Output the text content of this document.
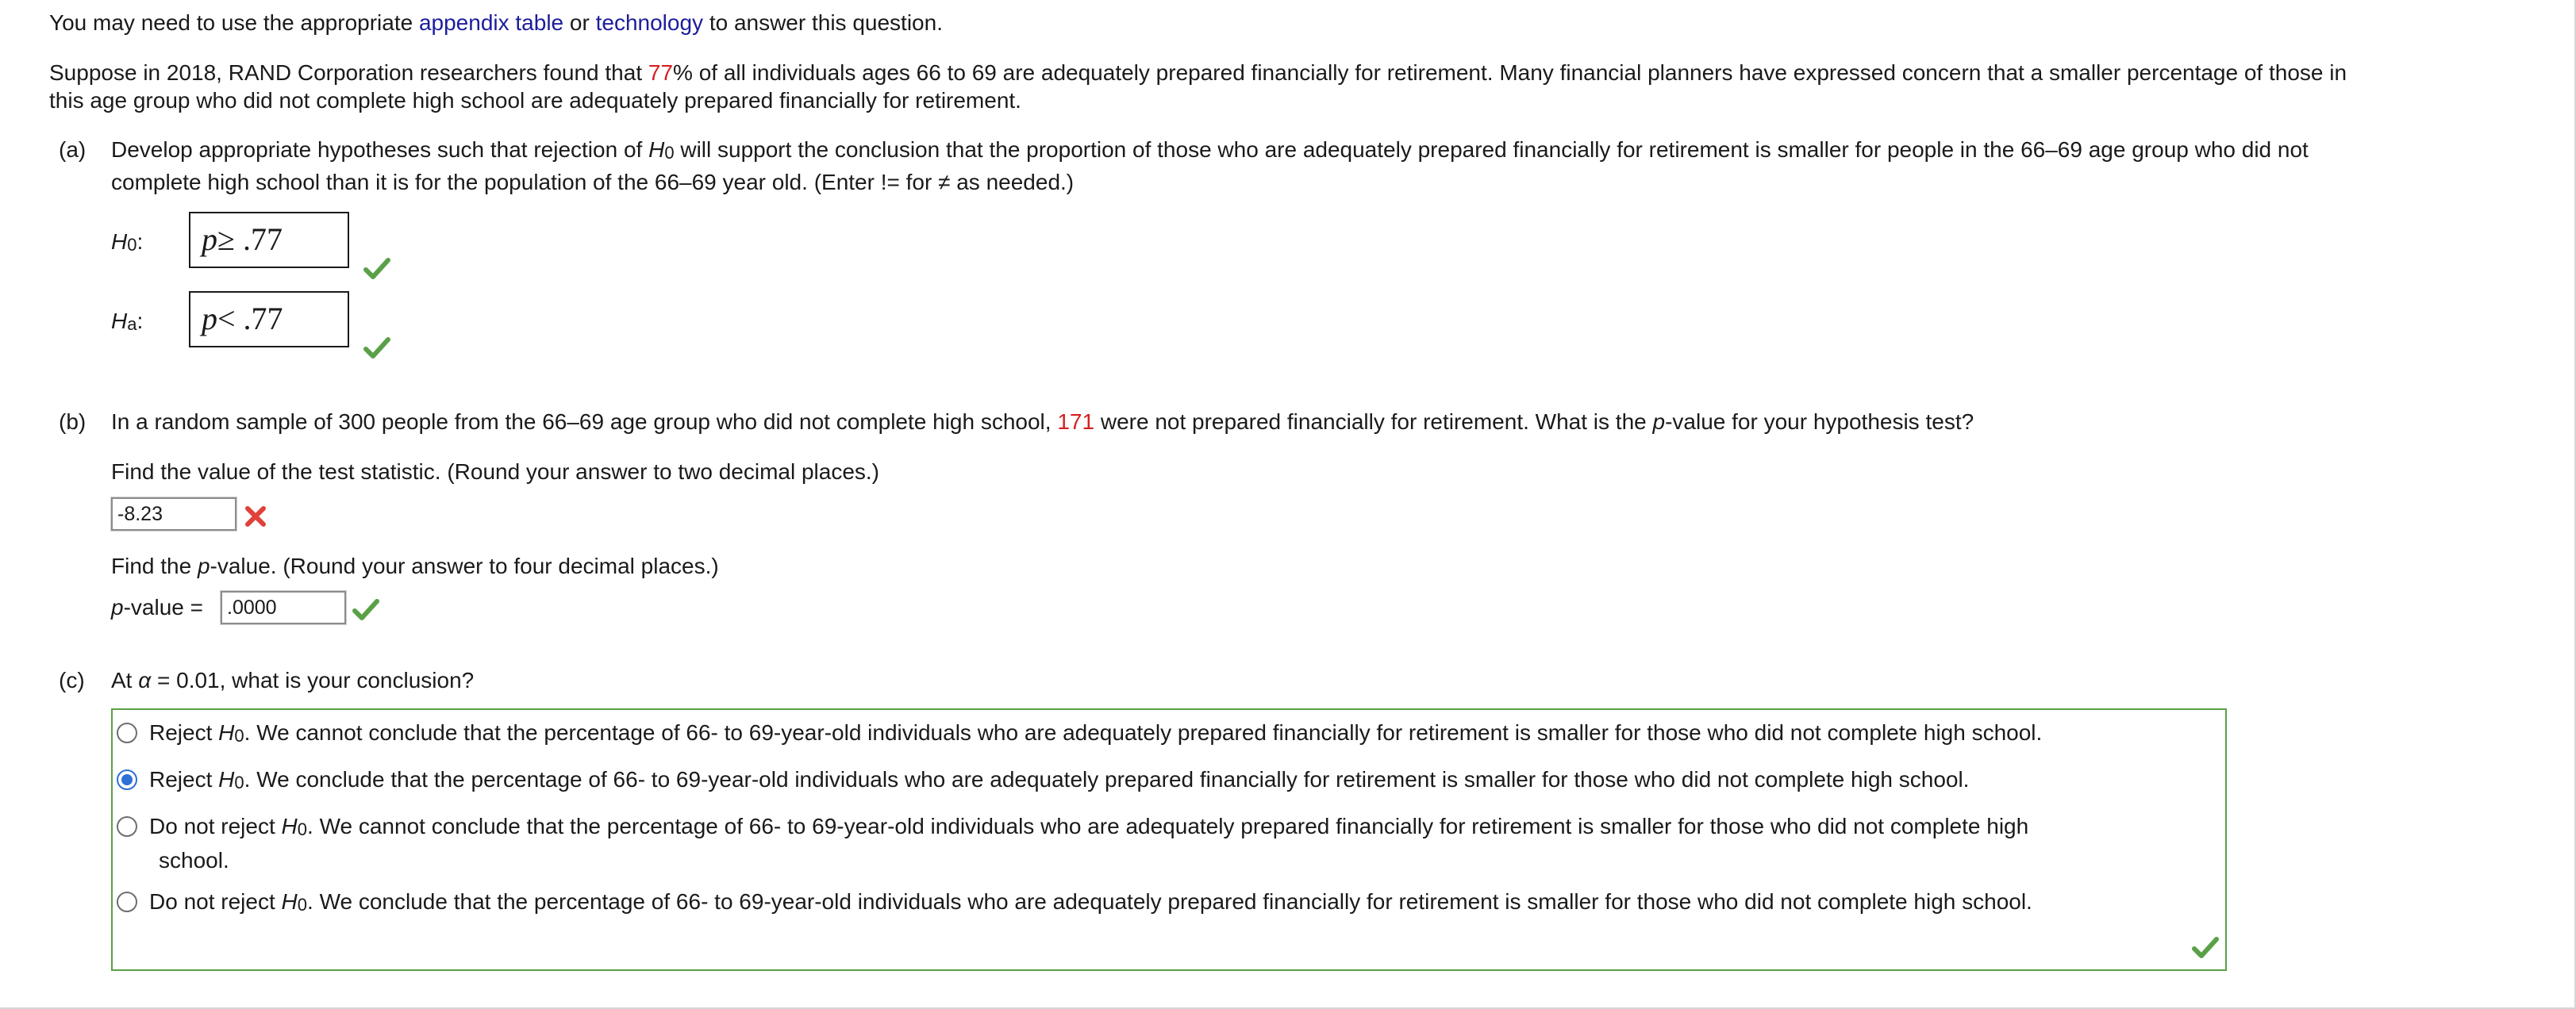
You may need to use the appropriate appendix table or technology to answer this question.
Suppose in 2018, RAND Corporation researchers found that 77% of all individuals ages 66 to 69 are adequately prepared financially for retirement. Many financial planners have expressed concern that a smaller percentage of those in
this age group who did not complete high school are adequately prepared financially for retirement.
(a) Develop appropriate hypotheses such that rejection of $H_0$ will support the conclusion that the proportion of those who are adequately prepared financially for retirement is smaller for people in the 66–69 age group who did not
complete high school than it is for the population of the 66–69 year old. (Enter != for ≠ as needed.)
$H_0$:	p≥ .77
$H_a$:	p< .77
(b) In a random sample of 300 people from the 66–69 age group who did not complete high school, 171 were not prepared financially for retirement. What is the p-value for your hypothesis test?
Find the value of the test statistic. (Round your answer to two decimal places.)
-8.23
Find the p-value. (Round your answer to four decimal places.)
p-value =	.0000
(c) At α = 0.01, what is your conclusion?
Reject $H_0$. We cannot conclude that the percentage of 66- to 69-year-old individuals who are adequately prepared financially for retirement is smaller for those who did not complete high school.
Reject $H_0$. We conclude that the percentage of 66- to 69-year-old individuals who are adequately prepared financially for retirement is smaller for those who did not complete high school.
Do not reject $H_0$. We cannot conclude that the percentage of 66- to 69-year-old individuals who are adequately prepared financially for retirement is smaller for those who did not complete high
school.
Do not reject $H_0$. We conclude that the percentage of 66- to 69-year-old individuals who are adequately prepared financially for retirement is smaller for those who did not complete high school.
